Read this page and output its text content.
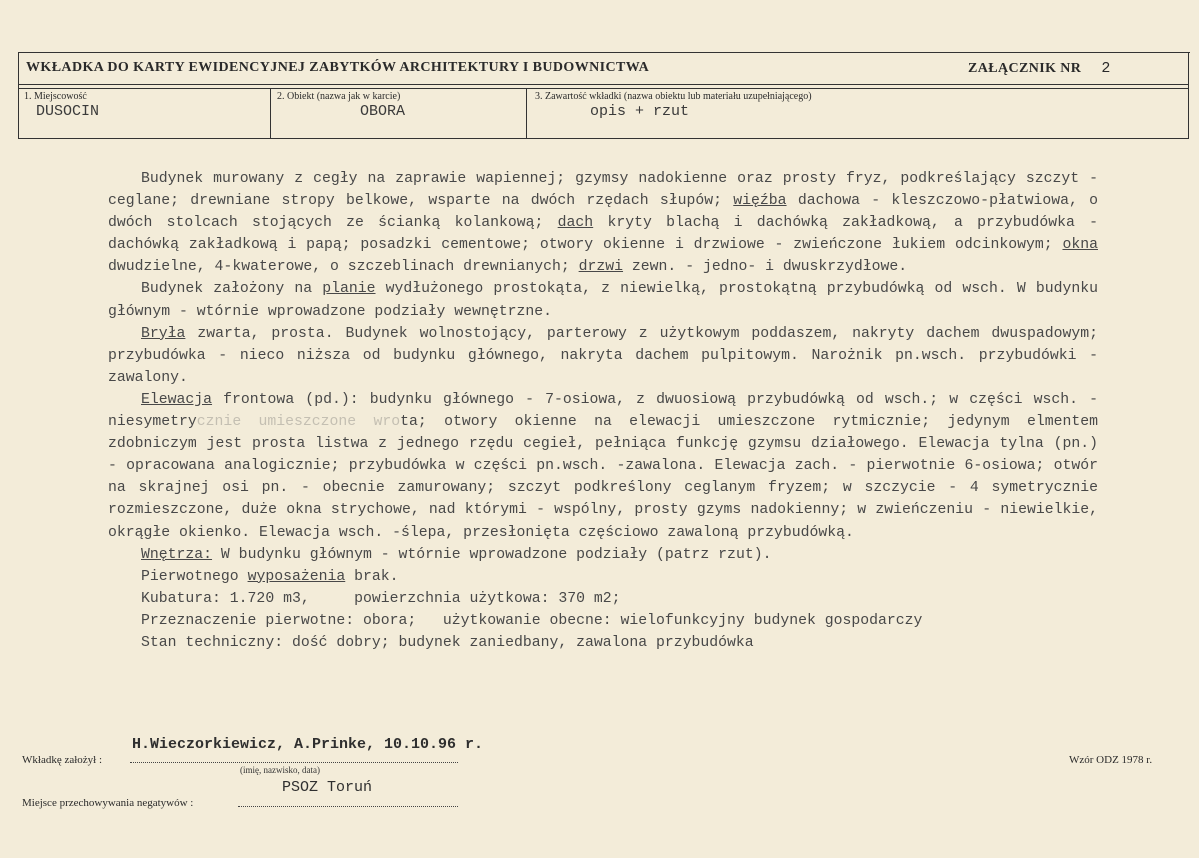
WKŁADKA DO KARTY EWIDENCYJNEJ ZABYTKÓW ARCHITEKTURY I BUDOWNICTWA	ZAŁĄCZNIK NR 2
1. Miejscowość
DUSOCIN
2. Obiekt (nazwa jak w karcie)
OBORA
3. Zawartość wkładki (nazwa obiektu lub materiału uzupełniającego)
opis + rzut

Budynek murowany z cegły na zaprawie wapiennej; gzymsy nadokienne oraz prosty fryz, podkreślający szczyt - ceglane; drewniane stropy belkowe, wsparte na dwóch rzędach słupów; więźba dachowa - kleszczowo-płatwiowa, o dwóch stolcach stojących ze ścianką kolankową; dach kryty blachą i dachówką zakładkową, a przybudówka - dachówką zakładkową i papą; posadzki cementowe; otwory okienne i drzwiowe - zwieńczone łukiem odcinkowym; okna dwudzielne, 4-kwaterowe, o szczeblinach drewnianych; drzwi zewn. - jedno- i dwuskrzydłowe.

Budynek założony na planie wydłużonego prostokąta, z niewielką, prostokątną przybudówką od wsch. W budynku głównym - wtórnie wprowadzone podziały wewnętrzne.

Bryła zwarta, prosta. Budynek wolnostojący, parterowy z użytkowym poddaszem, nakryty dachem dwuspadowym; przybudówka - nieco niższa od budynku głównego, nakryta dachem pulpitowym. Narożnik pn.wsch. przybudówki - zawalony.

Elewacja frontowa (pd.): budynku głównego - 7-osiowa, z dwuosiową przybudówką od wsch.; w części wsch. - niesymetrycznie umieszczone wrota; otwory okienne na elewacji umieszczone rytmicznie; jedynym elmentem zdobniczym jest prosta listwa z jednego rzędu cegieł, pełniąca funkcję gzymsu działowego. Elewacja tylna (pn.) - opracowana analogicznie; przybudówka w części pn.wsch. -zawalona. Elewacja zach. - pierwotnie 6-osiowa; otwór na skrajnej osi pn. - obecnie zamurowany; szczyt podkreślony ceglanym fryzem; w szczycie - 4 symetrycznie rozmieszczone, duże okna strychowe, nad którymi - wspólny, prosty gzyms nadokienny; w zwieńczeniu - niewielkie, okrągłe okienko. Elewacja wsch. -ślepa, przesłonięta częściowo zawaloną przybudówką.

Wnętrza: W budynku głównym - wtórnie wprowadzone podziały (patrz rzut).

Pierwotnego wyposażenia brak.

Kubatura: 1.720 m3,     powierzchnia użytkowa: 370 m2;

Przeznaczenie pierwotne: obora;   użytkowanie obecne: wielofunkcyjny budynek gospodarczy

Stan techniczny: dość dobry; budynek zaniedbany, zawalona przybudówka

Wkładkę założył :
H.Wieczorkiewicz, A.Prinke, 10.10.96 r.
(imię, nazwisko, data)
Miejsce przechowywania negatywów :
PSOZ Toruń
Wzór ODZ 1978 r.
